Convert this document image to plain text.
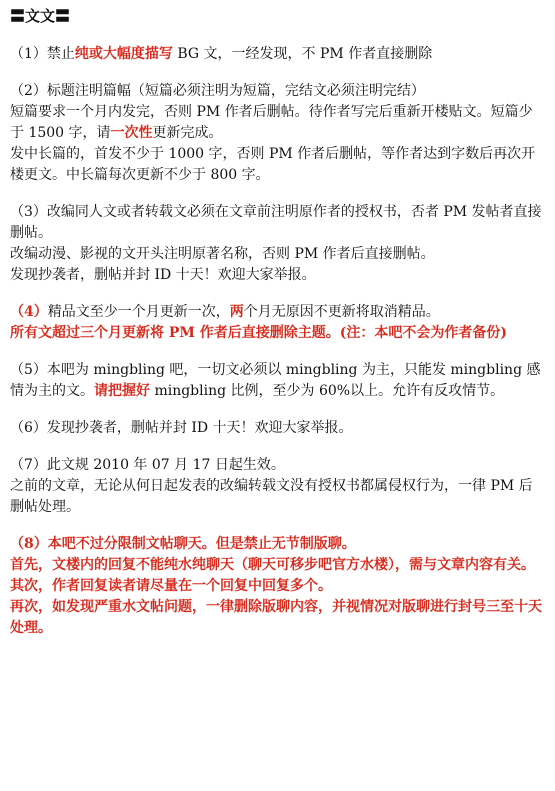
〓文文〓
（1）禁止纯或大幅度描写 BG 文，一经发现，不 PM 作者直接删除
（2）标题注明篇幅（短篇必须注明为短篇，完结文必须注明完结）
短篇要求一个月内发完，否则 PM 作者后删帖。待作者写完后重新开楼贴文。短篇少于 1500 字，请一次性更新完成。
发中长篇的，首发不少于 1000 字，否则 PM 作者后删帖，等作者达到字数后再次开楼更文。中长篇每次更新不少于 800 字。
（3）改编同人文或者转载文必须在文章前注明原作者的授权书，否者 PM 发帖者直接删帖。
改编动漫、影视的文开头注明原著名称，否则 PM 作者后直接删帖。
发现抄袭者，删帖并封 ID 十天！欢迎大家举报。
（4）精品文至少一个月更新一次，两个月无原因不更新将取消精品。
所有文超过三个月更新将 PM 作者后直接删除主题。(注：本吧不会为作者备份)
（5）本吧为 mingbling 吧，一切文必须以 mingbling 为主，只能发 mingbling 感情为主的文。请把握好 mingbling 比例，至少为 60%以上。允许有反攻情节。
（6）发现抄袭者，删帖并封 ID 十天！欢迎大家举报。
（7）此文规 2010 年 07 月 17 日起生效。
之前的文章，无论从何日起发表的改编转载文没有授权书都属侵权行为，一律 PM 后删帖处理。
（8）本吧不过分限制文帖聊天。但是禁止无节制版聊。
首先，文楼内的回复不能纯水纯聊天（聊天可移步吧官方水楼），需与文章内容有关。
其次，作者回复读者请尽量在一个回复中回复多个。
再次，如发现严重水文帖问题，一律删除版聊内容，并视情况对版聊进行封号三至十天处理。
